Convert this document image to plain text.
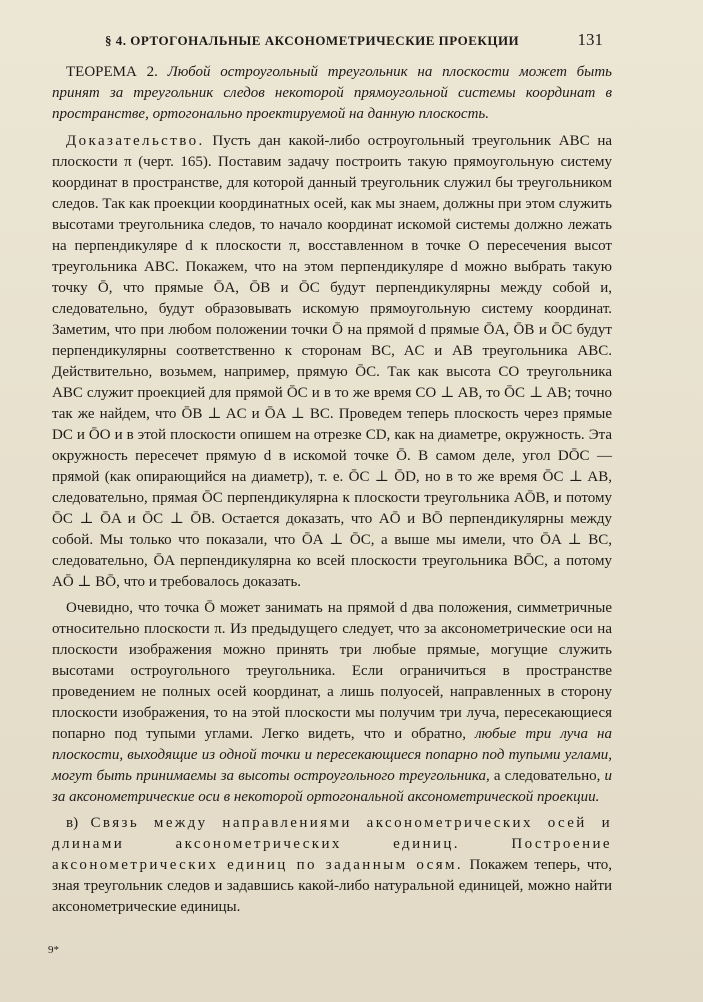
§ 4. ОРТОГОНАЛЬНЫЕ АКСОНОМЕТРИЧЕСКИЕ ПРОЕКЦИИ	131

ТЕОРЕМА 2. Любой остроугольный треугольник на плоскости может быть принят за треугольник следов некоторой прямоугольной системы координат в пространстве, ортогонально проектируемой на данную плоскость.

Доказательство. Пусть дан какой-либо остроугольный треугольник ABC на плоскости π (черт. 165). Поставим задачу построить такую прямоугольную систему координат в пространстве, для которой данный треугольник служил бы треугольником следов. Так как проекции координатных осей, как мы знаем, должны при этом служить высотами треугольника следов, то начало координат искомой системы должно лежать на перпендикуляре d к плоскости π, восставленном в точке O пересечения высот треугольника ABC. Покажем, что на этом перпендикуляре d можно выбрать такую точку Ō, что прямые ŌA, ŌB и ŌC будут перпендикулярны между собой и, следовательно, будут образовывать искомую прямоугольную систему координат. Заметим, что при любом положении точки Ō на прямой d прямые ŌA, ŌB и ŌC будут перпендикулярны соответственно к сторонам BC, AC и AB треугольника ABC. Действительно, возьмем, например, прямую ŌC. Так как высота CO треугольника ABC служит проекцией для прямой ŌC и в то же время CO ⊥ AB, то ŌC ⊥ AB; точно так же найдем, что ŌB ⊥ AC и ŌA ⊥ BC. Проведем теперь плоскость через прямые DC и ŌO и в этой плоскости опишем на отрезке CD, как на диаметре, окружность. Эта окружность пересечет прямую d в искомой точке Ō. В самом деле, угол DŌC — прямой (как опирающийся на диаметр), т. е. ŌC ⊥ ŌD, но в то же время ŌC ⊥ AB, следовательно, прямая ŌC перпендикулярна к плоскости треугольника AŌB, и потому ŌC ⊥ ŌA и ŌC ⊥ ŌB. Остается доказать, что AŌ и BŌ перпендикулярны между собой. Мы только что показали, что ŌA ⊥ ŌC, а выше мы имели, что ŌA ⊥ BC, следовательно, ŌA перпендикулярна ко всей плоскости треугольника BŌC, а потому AŌ ⊥ BŌ, что и требовалось доказать.

Очевидно, что точка Ō может занимать на прямой d два положения, симметричные относительно плоскости π. Из предыдущего следует, что за аксонометрические оси на плоскости изображения можно принять три любые прямые, могущие служить высотами остроугольного треугольника. Если ограничиться в пространстве проведением не полных осей координат, а лишь полуосей, направленных в сторону плоскости изображения, то на этой плоскости мы получим три луча, пересекающиеся попарно под тупыми углами. Легко видеть, что и обратно, любые три луча на плоскости, выходящие из одной точки и пересекающиеся попарно под тупыми углами, могут быть принимаемы за высоты остроугольного треугольника, а следовательно, и за аксонометрические оси в некоторой ортогональной аксонометрической проекции.

в) Связь между направлениями аксонометрических осей и длинами аксонометрических единиц. Построение аксонометрических единиц по заданным осям. Покажем теперь, что, зная треугольник следов и задавшись какой-либо натуральной единицей, можно найти аксонометрические единицы.

9*
